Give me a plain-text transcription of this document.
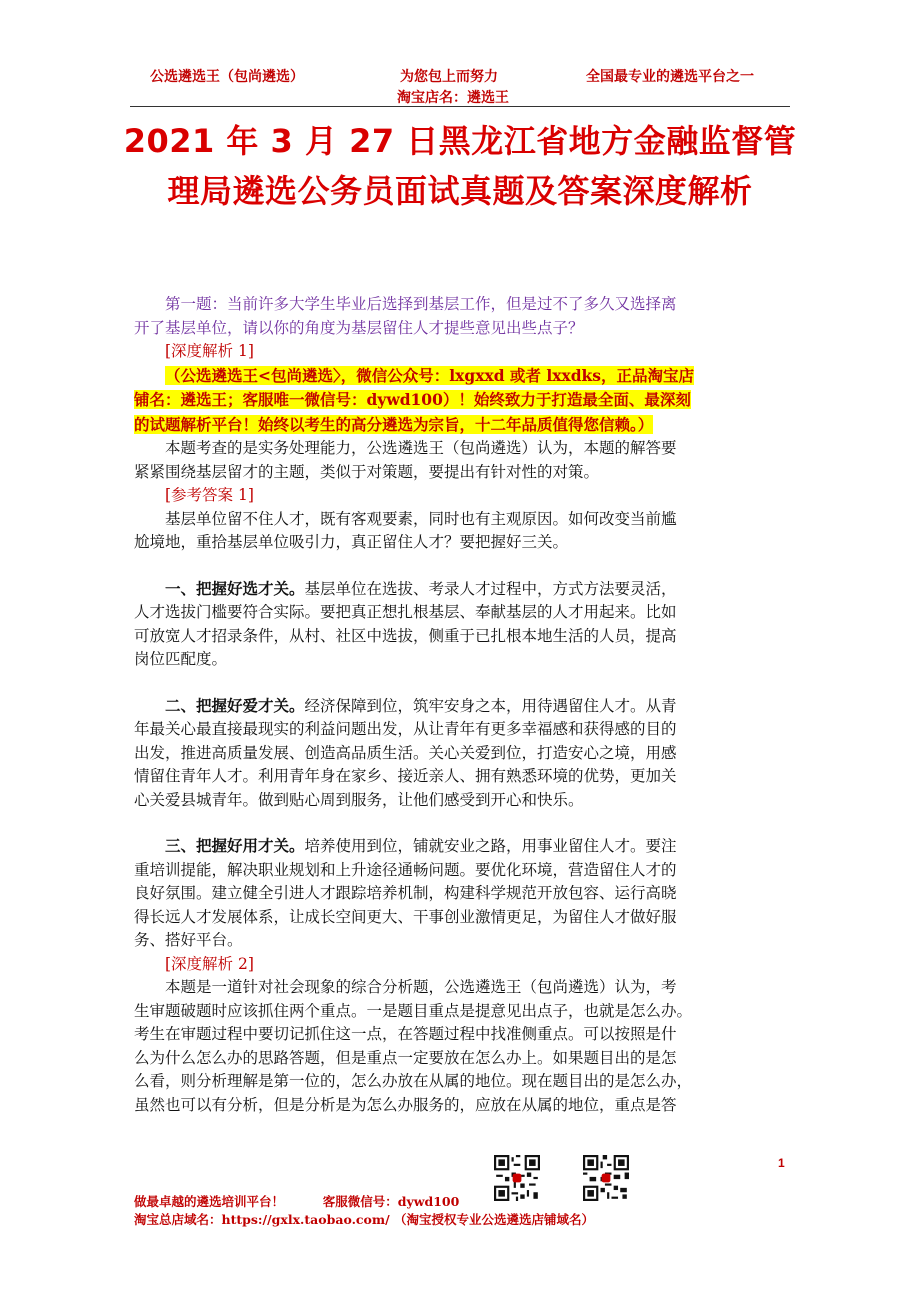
公选遴选王（包尚遴选）	为您包上而努力	全国最专业的遴选平台之一
淘宝店名：遴选王
2021 年 3 月 27 日黑龙江省地方金融监督管
理局遴选公务员面试真题及答案深度解析

第一题：当前许多大学生毕业后选择到基层工作，但是过不了多久又选择离

开了基层单位，请以你的角度为基层留住人才提些意见出些点子？

[深度解析 1]

（公选遴选王<包尚遴选〉，微信公众号：lxgxxd 或者 lxxdks，正品淘宝店

铺名：遴选王；客服唯一微信号：dywd100）！始终致力于打造最全面、最深刻

的试题解析平台！始终以考生的高分遴选为宗旨，十二年品质值得您信赖。）

本题考查的是实务处理能力，公选遴选王（包尚遴选）认为，本题的解答要

紧紧围绕基层留才的主题，类似于对策题，要提出有针对性的对策。

[参考答案 1]

基层单位留不住人才，既有客观要素，同时也有主观原因。如何改变当前尴

尬境地，重拾基层单位吸引力，真正留住人才？要把握好三关。

一、把握好选才关。基层单位在选拔、考录人才过程中，方式方法要灵活，

人才选拔门槛要符合实际。要把真正想扎根基层、奉献基层的人才用起来。比如

可放宽人才招录条件，从村、社区中选拔，侧重于已扎根本地生活的人员，提高

岗位匹配度。

二、把握好爱才关。经济保障到位，筑牢安身之本，用待遇留住人才。从青

年最关心最直接最现实的利益问题出发，从让青年有更多幸福感和获得感的目的

出发，推进高质量发展、创造高品质生活。关心关爱到位，打造安心之境，用感

情留住青年人才。利用青年身在家乡、接近亲人、拥有熟悉环境的优势，更加关

心关爱县城青年。做到贴心周到服务，让他们感受到开心和快乐。

三、把握好用才关。培养使用到位，铺就安业之路，用事业留住人才。要注

重培训提能，解决职业规划和上升途径通畅问题。要优化环境，营造留住人才的

良好氛围。建立健全引进人才跟踪培养机制，构建科学规范开放包容、运行高晓

得长远人才发展体系，让成长空间更大、干事创业激情更足，为留住人才做好服

务、搭好平台。

[深度解析 2]

本题是一道针对社会现象的综合分析题，公选遴选王（包尚遴选）认为，考

生审题破题时应该抓住两个重点。一是题目重点是提意见出点子，也就是怎么办。

考生在审题过程中要切记抓住这一点，在答题过程中找准侧重点。可以按照是什

么为什么怎么办的思路答题，但是重点一定要放在怎么办上。如果题目出的是怎

么看，则分析理解是第一位的，怎么办放在从属的地位。现在题目出的是怎么办，

虽然也可以有分析，但是分析是为怎么办服务的，应放在从属的地位，重点是答

1
做最卓越的遴选培训平台！	客服微信号：dywd100
淘宝总店域名：https://gxlx.taobao.com/ （淘宝授权专业公选遴选店铺域名）
